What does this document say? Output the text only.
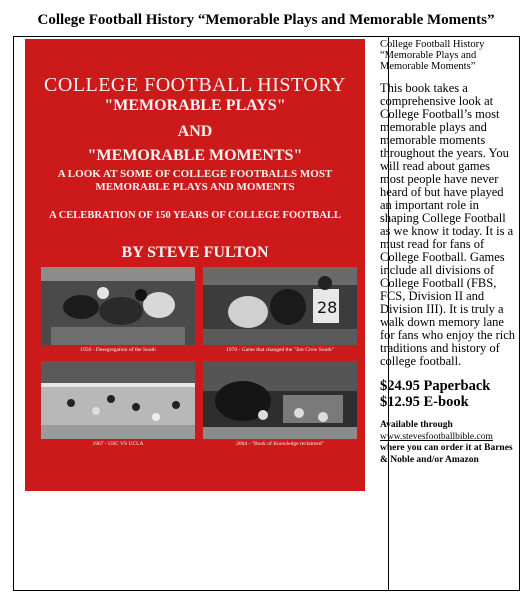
College Football History “Memorable Plays and Memorable Moments”
COLLEGE FOOTBALL HISTORY
"MEMORABLE PLAYS"
AND
"MEMORABLE MOMENTS"
A LOOK AT SOME OF COLLEGE FOOTBALLS MOST MEMORABLE PLAYS AND MOMENTS
A CELEBRATION OF 150 YEARS OF COLLEGE FOOTBALL
BY STEVE FULTON
1956 - Desegregation of the South
28
1970 - Game that changed the "Jim Crow South"
1967 - USC VS UCLA	2004 - "Book of Knowledge reclaimed"
College Football History “Memorable Plays and Memorable Moments”
This book takes a comprehensive look at College Football’s most memorable plays and memorable moments throughout the years. You will read about games most people have never heard of but have played an important role in shaping College Football as we know it today. It is a must read for fans of College Football. Games include all divisions of College Football (FBS, FCS, Division II and Division III). It is truly a walk down memory lane for fans who enjoy the rich traditions and history of college football.
$24.95 Paperback
$12.95 E-book
Available through
www.stevesfootballbible.com
where you can order it at Barnes & Noble and/or Amazon
